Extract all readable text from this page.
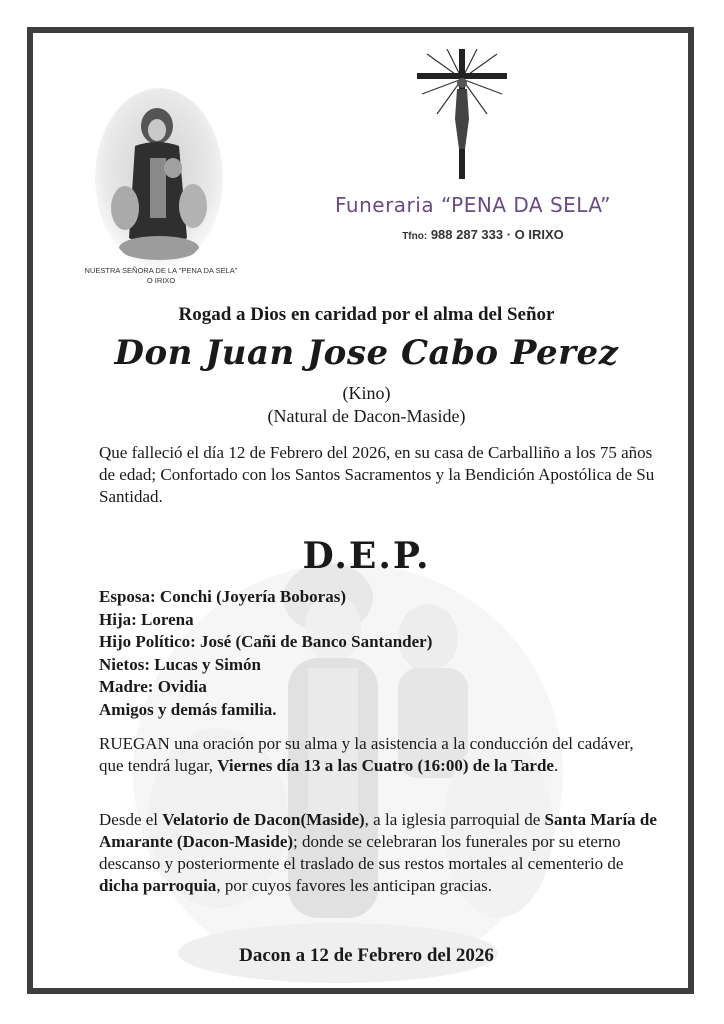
NUESTRA SEÑORA DE LA "PENA DA SELA"
O IRIXO
Funeraria “PENA DA SELA”
Tfno: 988 287 333 · O IRIXO
Rogad a Dios en caridad por el alma del Señor
Don Juan Jose Cabo Perez
(Kino)
(Natural de Dacon-Maside)
Que falleció el día 12 de Febrero del 2026, en su casa de Carballiño a los 75 años de edad; Confortado con los Santos Sacramentos y la Bendición Apostólica de Su Santidad.
D.E.P.
Esposa: Conchi (Joyería Boboras)
Hija: Lorena
Hijo Político: José (Cañi de Banco Santander)
Nietos: Lucas y Simón
Madre: Ovidia
Amigos y demás familia.
RUEGAN una oración por su alma y la asistencia a la conducción del cadáver, que tendrá lugar, Viernes día 13 a las Cuatro (16:00) de la Tarde.
Desde el Velatorio de Dacon(Maside), a la iglesia parroquial de Santa María de Amarante (Dacon-Maside); donde se celebraran los funerales por su eterno descanso y posteriormente el traslado de sus restos mortales al cementerio de dicha parroquia, por cuyos favores les anticipan gracias.
Dacon a 12 de Febrero del 2026
